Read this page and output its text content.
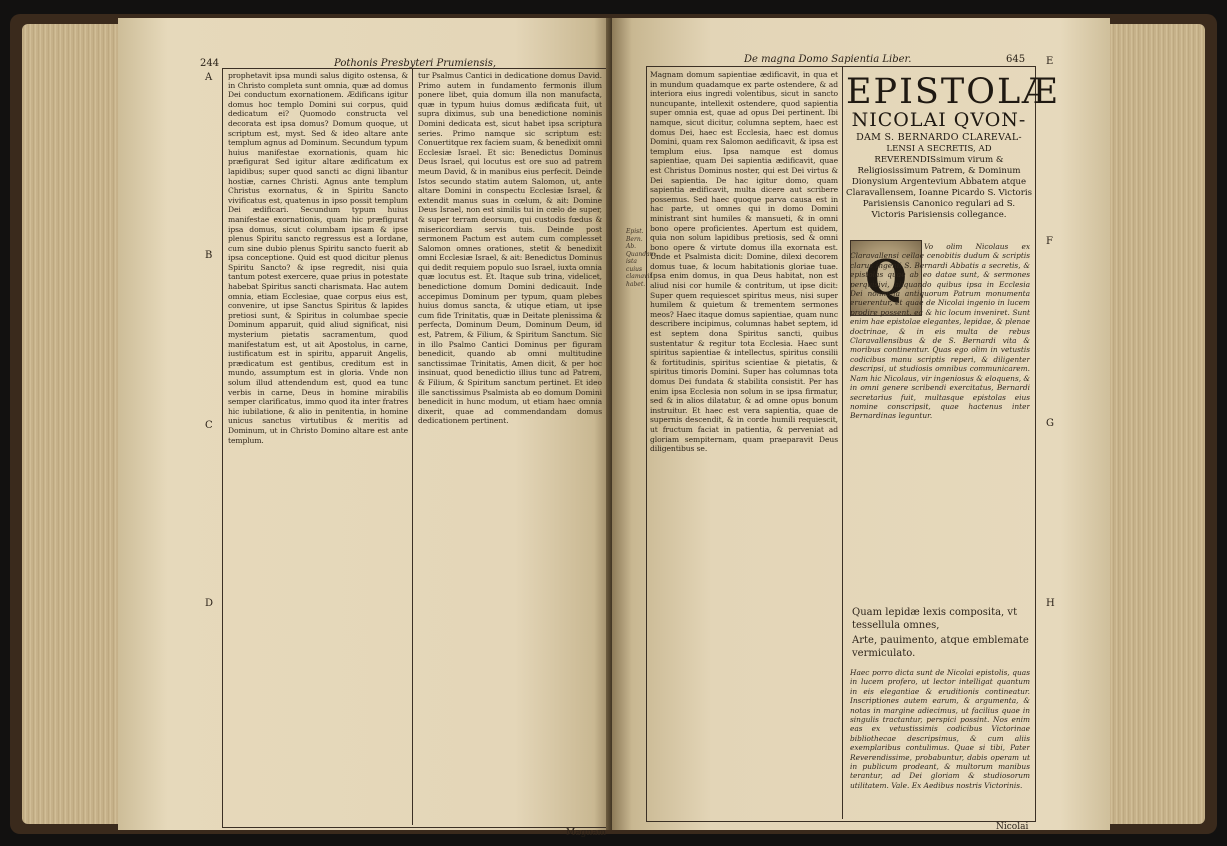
Pothonis Presbyteri Prumiensis,
244
prophetavit ipsa mundi salus digito ostensa, & in Christo completa sunt omnia, quæ ad domus Dei conductum exornationem. Ædificans igitur domus hoc templo Domini sui corpus, quid dedicatum ei? Quomodo constructa vel decorata est ipsa domus? Domum quoque, ut scriptum est, myst. Sed & ideo altare ante templum agnus ad Dominum. Secundum typum huius manifestae exornationis, quam hic præfigurat Sed igitur altare ædificatum ex lapidibus; super quod sancti ac digni libantur hostiæ, carnes Christi. Agnus ante templum Christus exornatus, & in Spiritu Sancto vivificatus est, quatenus in ipso possit templum Dei ædificari. Secundum typum huius manifestae exornationis, quam hic præfigurat ipsa domus, sicut columbam ipsam & ipse plenus Spiritu sancto regressus est a Iordane, cum sine dubio plenus Spiritu sancto fuerit ab ipsa conceptione. Quid est quod dicitur plenus Spiritu Sancto? & ipse regredit, nisi quia tantum potest exercere, quae prius in potestate habebat Spiritus sancti charismata. Hac autem omnia, etiam Ecclesiae, quae corpus eius est, convenire, ut ipse Sanctus Spiritus & lapides pretiosi sunt, & Spiritus in columbae specie Dominum apparuit, quid aliud significat, nisi mysterium pietatis sacramentum, quod manifestatum est, ut ait Apostolus, in carne, iustificatum est in spiritu, apparuit Angelis, prædicatum est gentibus, creditum est in mundo, assumptum est in gloria. Vnde non solum illud attendendum est, quod ea tunc verbis in carne, Deus in homine mirabilis semper clarificatus, immo quod ita inter fratres hic iubilatione, & alio in penitentia, in homine unicus sanctus virtutibus & meritis ad Dominum, ut in Christo Domino altare est ante templum.
tur Psalmus Cantici in dedicatione domus David. Primo autem in fundamento fermonis illum ponere libet, quia domum illa non manufacta, quæ in typum huius domus ædificata fuit, ut supra diximus, sub una benedictione nominis Domini dedicata est, sicut habet ipsa scriptura series. Primo namque sic scriptum est: Conuertitque rex faciem suam, & benedixit omni Ecclesiæ Israel. Et sic: Benedictus Dominus Deus Israel, qui locutus est ore suo ad patrem meum David, & in manibus eius perfecit. Deinde Istos secundo statim autem Salomon, ut, ante altare Domini in conspectu Ecclesiæ Israel, & extendit manus suas in cœlum, & ait: Domine Deus Israel, non est similis tui in cœlo de super, & super terram deorsum, qui custodis fœdus & misericordiam servis tuis. Deinde post sermonem Pactum est autem cum complesset Salomon omnes orationes, stetit & benedixit omni Ecclesiæ Israel, & ait: Benedictus Dominus qui dedit requiem populo suo Israel, iuxta omnia quæ locutus est. Et. Itaque sub trina, videlicet, benedictione domum Domini dedicauit. Inde accepimus Dominum per typum, quam plebes huius domus sancta, & utique etiam, ut ipse cum fide Trinitatis, quæ in Deitate plenissima & perfecta, Dominum Deum, Dominum Deum, id est, Patrem, & Filium, & Spiritum Sanctum. Sic in illo Psalmo Cantici Dominus per figuram benedicit, quando ab omni multitudine sanctissimae Trinitatis, Amen dicit, & per hoc insinuat, quod benedictio illius tunc ad Patrem, & Filium, & Spiritum sanctum pertinet. Et ideo ille sanctissimus Psalmista ab eo domum Domini benedicit in hunc modum, ut etiam haec omnia dixerit, quae ad commendandam domus dedicationem pertinent.
A
B
C
D
Magnam
De magna Domo Sapientia Liber.	645
Magnam domum sapientiae ædificavit, in qua et in mundum quadamque ex parte ostendere, & ad interiora eius ingredi volentibus, sicut in sancto nuncupante, intellexit ostendere, quod sapientia super omnia est, quae ad opus Dei pertinent. Ibi namque, sicut dicitur, columna septem, haec est domus Dei, haec est Ecclesia, haec est domus Domini, quam rex Salomon aedificavit, & ipsa est templum eius. Ipsa namque est domus sapientiae, quam Dei sapientia ædificavit, quae est Christus Dominus noster, qui est Dei virtus & Dei sapientia. De hac igitur domo, quam sapientia ædificavit, multa dicere aut scribere possemus. Sed haec quoque parva causa est in hac parte, ut omnes qui in domo Domini ministrant sint humiles & mansueti, & in omni bono opere proficientes. Apertum est quidem, quia non solum lapidibus pretiosis, sed & omni bono opere & virtute domus illa exornata est. Unde et Psalmista dicit: Domine, dilexi decorem domus tuae, & locum habitationis gloriae tuae. Ipsa enim domus, in qua Deus habitat, non est aliud nisi cor humile & contritum, ut ipse dicit: Super quem requiescet spiritus meus, nisi super humilem & quietum & trementem sermones meos? Haec itaque domus sapientiae, quam nunc describere incipimus, columnas habet septem, id est septem dona Spiritus sancti, quibus sustentatur & regitur tota Ecclesia. Haec sunt spiritus sapientiae & intellectus, spiritus consilii & fortitudinis, spiritus scientiae & pietatis, & spiritus timoris Domini. Super has columnas tota domus Dei fundata & stabilita consistit. Per has enim ipsa Ecclesia non solum in se ipsa firmatur, sed & in alios dilatatur, & ad omne opus bonum instruitur. Et haec est vera sapientia, quae de supernis descendit, & in corde humili requiescit, ut fructum faciat in patientia, & perveniat ad gloriam sempiternam, quam praeparavit Deus diligentibus se.
Epist. Bern. Ab. Quandam, ista cuius clamavit habet.
EPISTOLÆ
NICOLAI QVON-
DAM S. BERNARDO CLAREVAL-
LENSI A SECRETIS, AD REVERENDISsimum virum & Religiosissimum Patrem, & Dominum Dionysium Argentevium Abbatem atque Claravallensem, Ioanne Picardo S. Victoris Parisiensis Canonico regulari ad S. Victoris Parisiensis collegance.
Q
Vo olim Nicolaus ex Claravallensi cellae cenobitis dudum & scriptis clarus ingenii S. Bernardi Abbatis a secretis, & epistolas quae ab eo datae sunt, & sermones perquisivi, aliquando quibus ipsa in Ecclesia Dei nonnulla antiquorum Patrum monumenta eruerentur, et quae de Nicolai ingenio in lucem prodire possent, ea & hic locum inveniret. Sunt enim hae epistolae elegantes, lepidae, & plenae doctrinae, & in eis multa de rebus Claravallensibus & de S. Bernardi vita & moribus continentur. Quas ego olim in vetustis codicibus manu scriptis reperi, & diligenter descripsi, ut studiosis omnibus communicarem. Nam hic Nicolaus, vir ingeniosus & eloquens, & in omni genere scribendi exercitatus, Bernardi secretarius fuit, multasque epistolas eius nomine conscripsit, quae hactenus inter Bernardinas leguntur.
Quam lepidæ lexis composita, vt tessellula omnes,
Arte, pauimento, atque emblemate vermiculato.
Haec porro dicta sunt de Nicolai epistolis, quas in lucem profero, ut lector intelligat quantum in eis elegantiae & eruditionis contineatur. Inscriptiones autem earum, & argumenta, & notas in margine adiecimus, ut facilius quae in singulis tractantur, perspici possint. Nos enim eas ex vetustissimis codicibus Victorinae bibliothecae descripsimus, & cum aliis exemplaribus contulimus. Quae si tibi, Pater Reverendissime, probabuntur, dabis operam ut in publicum prodeant, & multorum manibus terantur, ad Dei gloriam & studiosorum utilitatem. Vale. Ex Aedibus nostris Victorinis.
E
F
G
H
Nicolai
